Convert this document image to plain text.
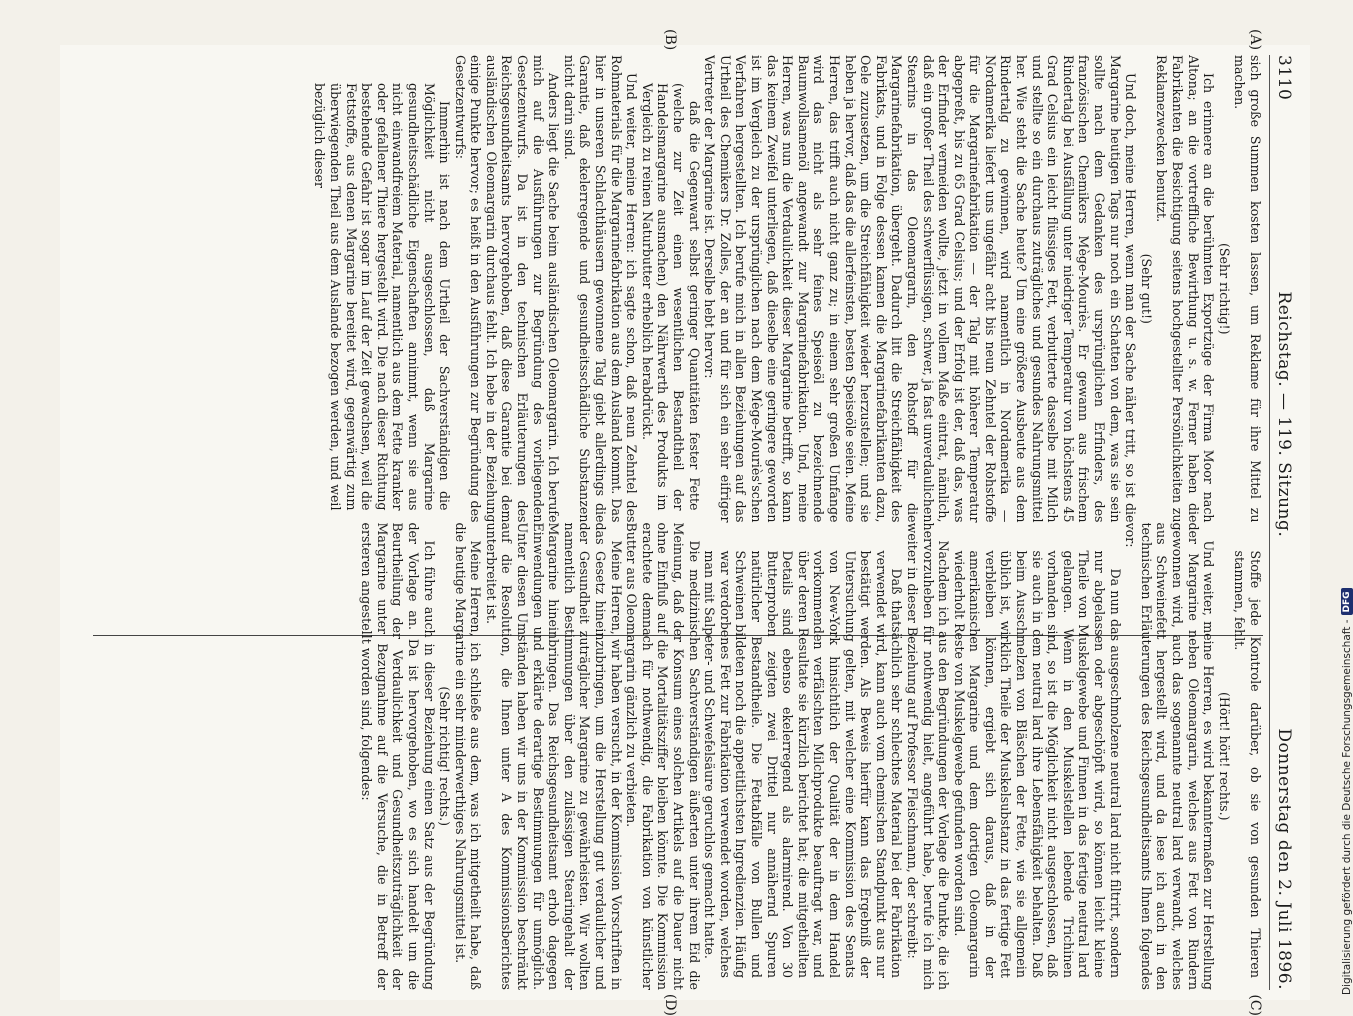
3110
Reichstag. — 119. Sitzung.
Donnerstag den 2. Juli 1896.

sich große Summen kosten lassen, um Reklame für ihre Mittel zu machen.

(Sehr richtig!)

Ich erinnere an die berühmten Exportzüge der Firma Moor nach Altona; an die vortreffliche Bewirthung u. s. w. Ferner haben die Fabrikanten die Besichtigung seitens hochgestellter Persönlichkeiten zu Reklamezwecken benutzt.

(Sehr gut!)

Und doch, meine Herren, wenn man der Sache näher tritt, so ist die Margarine heutigen Tags nur noch ein Schatten von dem, was sie sein sollte nach dem Gedanken des ursprünglichen Erfinders, des französischen Chemikers Mège-Mouriès. Er gewann aus frischem Rindertalg bei Ausfällung unter niedriger Temperatur von höchstens 45 Grad Celsius ein leicht flüssiges Fett, verbutterte dasselbe mit Milch und stellte so ein durchaus zuträgliches und gesundes Nahrungsmittel her. Wie steht die Sache heute? Um eine größere Ausbeute aus dem Rindertalg zu gewinnen, wird namentlich in Nordamerika — Nordamerika liefert uns ungefähr acht bis neun Zehntel der Rohstoffe für die Margarinefabrikation — der Talg mit höherer Temperatur abgepreßt, bis zu 65 Grad Celsius; und der Erfolg ist der, daß das, was der Erfinder vermeiden wollte, jetzt in vollem Maße eintrat, nämlich, daß ein großer Theil des schwerflüssigen, schwer, ja fast unverdaulichen Stearins in das Oleomargarin, den Rohstoff für die Margarinefabrikation, übergeht. Dadurch litt die Streichfähigkeit des Fabrikats, und in Folge dessen kamen die Margarinefabrikanten dazu, Oele zuzusetzen, um die Streichfähigkeit wieder herzustellen; und sie heben ja hervor, daß das die allerfeinsten, besten Speiseöle seien. Meine Herren, das trifft auch nicht ganz zu; in einem sehr großen Umfange wird das nicht als sehr feines Speiseöl zu bezeichnende Baumwollsamenöl angewandt zur Margarinefabrikation. Und, meine Herren, was nun die Verdaulichkeit dieser Margarine betrifft, so kann das keinem Zweifel unterliegen, daß dieselbe eine geringere geworden ist im Vergleich zu der ursprünglichen nach dem Mège-Mouriès'schen Verfahren hergestellten. Ich berufe mich in allen Beziehungen auf das Urtheil des Chemikers Dr. Zolles, der an und für sich ein sehr eifriger Vertreter der Margarine ist. Derselbe hebt hervor:

daß die Gegenwart selbst geringer Quantitäten fester Fette (welche zur Zeit einen wesentlichen Bestandtheil der Handelsmargarine ausmachen) den Nährwerth des Produkts im Vergleich zu reinen Naturbutter erheblich herabdrückt.

Und weiter, meine Herren: ich sagte schon, daß neun Zehntel des Rohmaterials für die Margarinefabrikation aus dem Ausland kommt. Das hier in unseren Schlachthäusern gewonnene Talg giebt allerdings die Garantie, daß ekelerregende und gesundheitsschädliche Substanzen nicht darin sind.

Anders liegt die Sache beim ausländischen Oleomargarin. Ich berufe mich auf die Ausführungen zur Begründung des vorliegenden Gesetzentwurfs. Da ist in den technischen Erläuterungen des Reichsgesundheitsamts hervorgehoben, daß diese Garantie bei dem ausländischen Oleomargarin durchaus fehlt. Ich hebe in der Beziehung einige Punkte hervor; es heißt in den Ausführungen zur Begründung des Gesetzentwurfs:

Immerhin ist nach dem Urtheil der Sachverständigen die Möglichkeit nicht ausgeschlossen, daß Margarine gesundheitsschädliche Eigenschaften annimmt, wenn sie aus nicht einwandfreiem Material, namentlich aus dem Fette kranker oder gefallener Thiere hergestellt wird. Die nach dieser Richtung bestehende Gefahr ist sogar im Lauf der Zeit gewachsen, weil die Fettstoffe, aus denen Margarine bereitet wird, gegenwärtig zum überwiegenden Theil aus dem Auslande bezogen werden, und weil bezüglich dieser

Stoffe jede Kontrole darüber, ob sie von gesunden Thieren stammen, fehlt.

(Hört! hört! rechts.)

Und weiter, meine Herren, es wird bekanntermaßen zur Herstellung der Margarine neben Oleomargarin, welches aus Fett von Rindern gewonnen wird, auch das sogenannte neutral lard verwandt, welches aus Schweinefett hergestellt wird, und da lese ich auch in den technischen Erläuterungen des Reichsgesundheitsamts Ihnen folgendes vor:

Da nun das ausgeschmolzene neutral lard nicht filtrirt, sondern nur abgelassen oder abgeschöpft wird, so können leicht kleine Theile von Muskelgewebe und Finnen in das fertige neutral lard gelangen. Wenn in den Muskelstellen lebende Trichinen vorhanden sind, so ist die Möglichkeit nicht ausgeschlossen, daß sie auch in dem neutral lard ihre Lebensfähigkeit behalten. Daß beim Ausschmelzen von Bläschen der Fette, wie sie allgemein üblich ist, wirklich Theile der Muskelsubstanz in das fertige Fett verbleiben können, ergiebt sich daraus, daß in der amerikanischen Margarine und dem dortigen Oleomargarin wiederholt Reste von Muskelgewebe gefunden worden sind.

Nachdem ich aus den Begründungen der Vorlage die Punkte, die ich hervorzuheben für nothwendig hielt, angeführt habe, berufe ich mich weiter in dieser Beziehung auf Professor Fleischmann, der schreibt:

Daß thatsächlich sehr schlechtes Material bei der Fabrikation verwendet wird, kann auch vom chemischen Standpunkt aus nur bestätigt werden. Als Beweis hierfür kann das Ergebniß der Untersuchung gelten, mit welcher eine Kommission des Senats von New-York hinsichtlich der Qualität der in dem Handel vorkommenden verfälschten Milchprodukte beauftragt war, und über deren Resultate sie kürzlich berichtet hat; die mitgetheilten Details sind ebenso ekelerregend als alarmirend. Von 30 Butterproben zeigten zwei Drittel nur annähernd Spuren natürlicher Bestandtheile. Die Fettabfälle von Bullen und Schweinen bildeten noch die appetitlichsten Ingredienzien. Häufig war verdorbenes Fett zur Fabrikation verwendet worden, welches man mit Salpeter- und Schwefelsäure geruchlos gemacht hatte.

Die medizinischen Sachverständigen äußerten unter ihrem Eid die Meinung, daß der Konsum eines solchen Artikels auf die Dauer nicht ohne Einfluß auf die Mortalitätsziffer bleiben könnte. Die Kommission erachtete demnach für nothwendig, die Fabrikation von künstlicher Butter aus Oleomargarin gänzlich zu verbieten.

Meine Herren, wir haben versucht, in der Kommission Vorschriften in das Gesetz hineinzubringen, um die Herstellung gut verdaulicher und der Gesundheit zuträglicher Margarine zu gewährleisten. Wir wollten namentlich Bestimmungen über den zulässigen Stearingehalt der Margarine hineinbringen. Das Reichsgesundheitsamt erhob dagegen Einwendungen und erklärte derartige Bestimmungen für unmöglich. Unter diesen Umständen haben wir uns in der Kommission beschränkt auf die Resolution, die Ihnen unter A des Kommissionsberichtes unterbreitet ist.

Meine Herren, ich schließe aus dem, was ich mitgetheilt habe, daß die heutige Margarine ein sehr minderwerthiges Nahrungsmittel ist.

(Sehr richtig! rechts.)

Ich führe auch in dieser Beziehung einen Satz aus der Begründung der Vorlage an. Da ist hervorgehoben, wo es sich handelt um die Beurtheilung der Verdaulichkeit und Gesundheitszuträglichkeit der Margarine unter Bezugnahme auf die Versuche, die in Betreff der ersteren angestellt worden sind, folgendes:

(A)
(B)
(C)
(D)
Digitalisierung gefördert durch die Deutsche Forschungsgemeinschaft -
DFG
